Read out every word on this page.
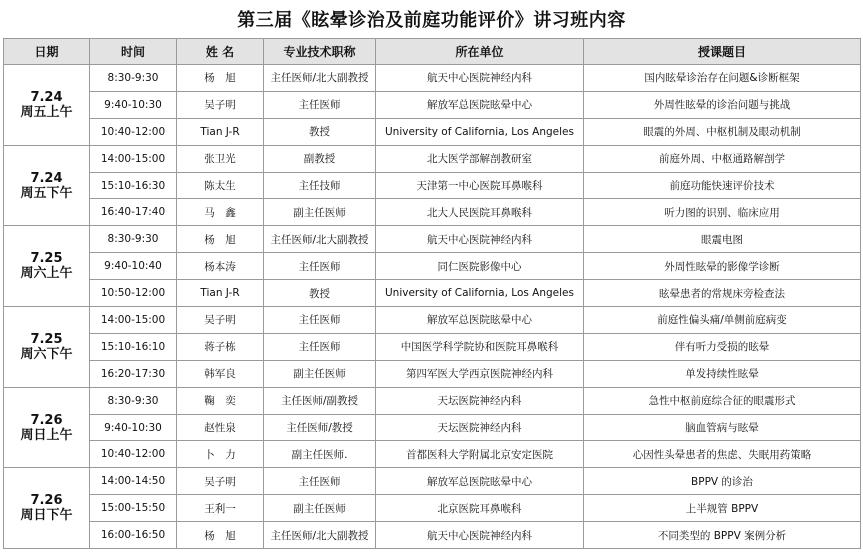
第三届《眩晕诊治及前庭功能评价》讲习班内容
日期	时间	姓 名	专业技术职称	所在单位	授课题目

7.24
周五上午	8:30-9:30	杨　旭	主任医师/北大副教授	航天中心医院神经内科	国内眩晕诊治存在问题&诊断框架
	9:40-10:30	吴子明	主任医师	解放军总医院眩晕中心	外周性眩晕的诊治问题与挑战
	10:40-12:00	Tian J-R	教授	University of California, Los Angeles	眼震的外周、中枢机制及眼动机制

7.24
周五下午	14:00-15:00	张卫光	副教授	北大医学部解剖教研室	前庭外周、中枢通路解剖学
	15:10-16:30	陈太生	主任技师	天津第一中心医院耳鼻喉科	前庭功能快速评价技术
	16:40-17:40	马　鑫	副主任医师	北大人民医院耳鼻喉科	听力图的识别、临床应用

7.25
周六上午	8:30-9:30	杨　旭	主任医师/北大副教授	航天中心医院神经内科	眼震电图
	9:40-10:40	杨本涛	主任医师	同仁医院影像中心	外周性眩晕的影像学诊断
	10:50-12:00	Tian J-R	教授	University of California, Los Angeles	眩晕患者的常规床旁检查法

7.25
周六下午	14:00-15:00	吴子明	主任医师	解放军总医院眩晕中心	前庭性偏头痛/单侧前庭病变
	15:10-16:10	蒋子栋	主任医师	中国医学科学院协和医院耳鼻喉科	伴有听力受损的眩晕
	16:20-17:30	韩军良	副主任医师	第四军医大学西京医院神经内科	单发持续性眩晕

7.26
周日上午	8:30-9:30	鞠　奕	主任医师/副教授	天坛医院神经内科	急性中枢前庭综合征的眼震形式
	9:40-10:30	赵性泉	主任医师/教授	天坛医院神经内科	脑血管病与眩晕
	10:40-12:00	卜　力	副主任医师.	首都医科大学附属北京安定医院	心因性头晕患者的焦虑、失眠用药策略

7.26
周日下午	14:00-14:50	吴子明	主任医师	解放军总医院眩晕中心	BPPV 的诊治
	15:00-15:50	王利一	副主任医师	北京医院耳鼻喉科	上半规管 BPPV
	16:00-16:50	杨　旭	主任医师/北大副教授	航天中心医院神经内科	不同类型的 BPPV 案例分析
